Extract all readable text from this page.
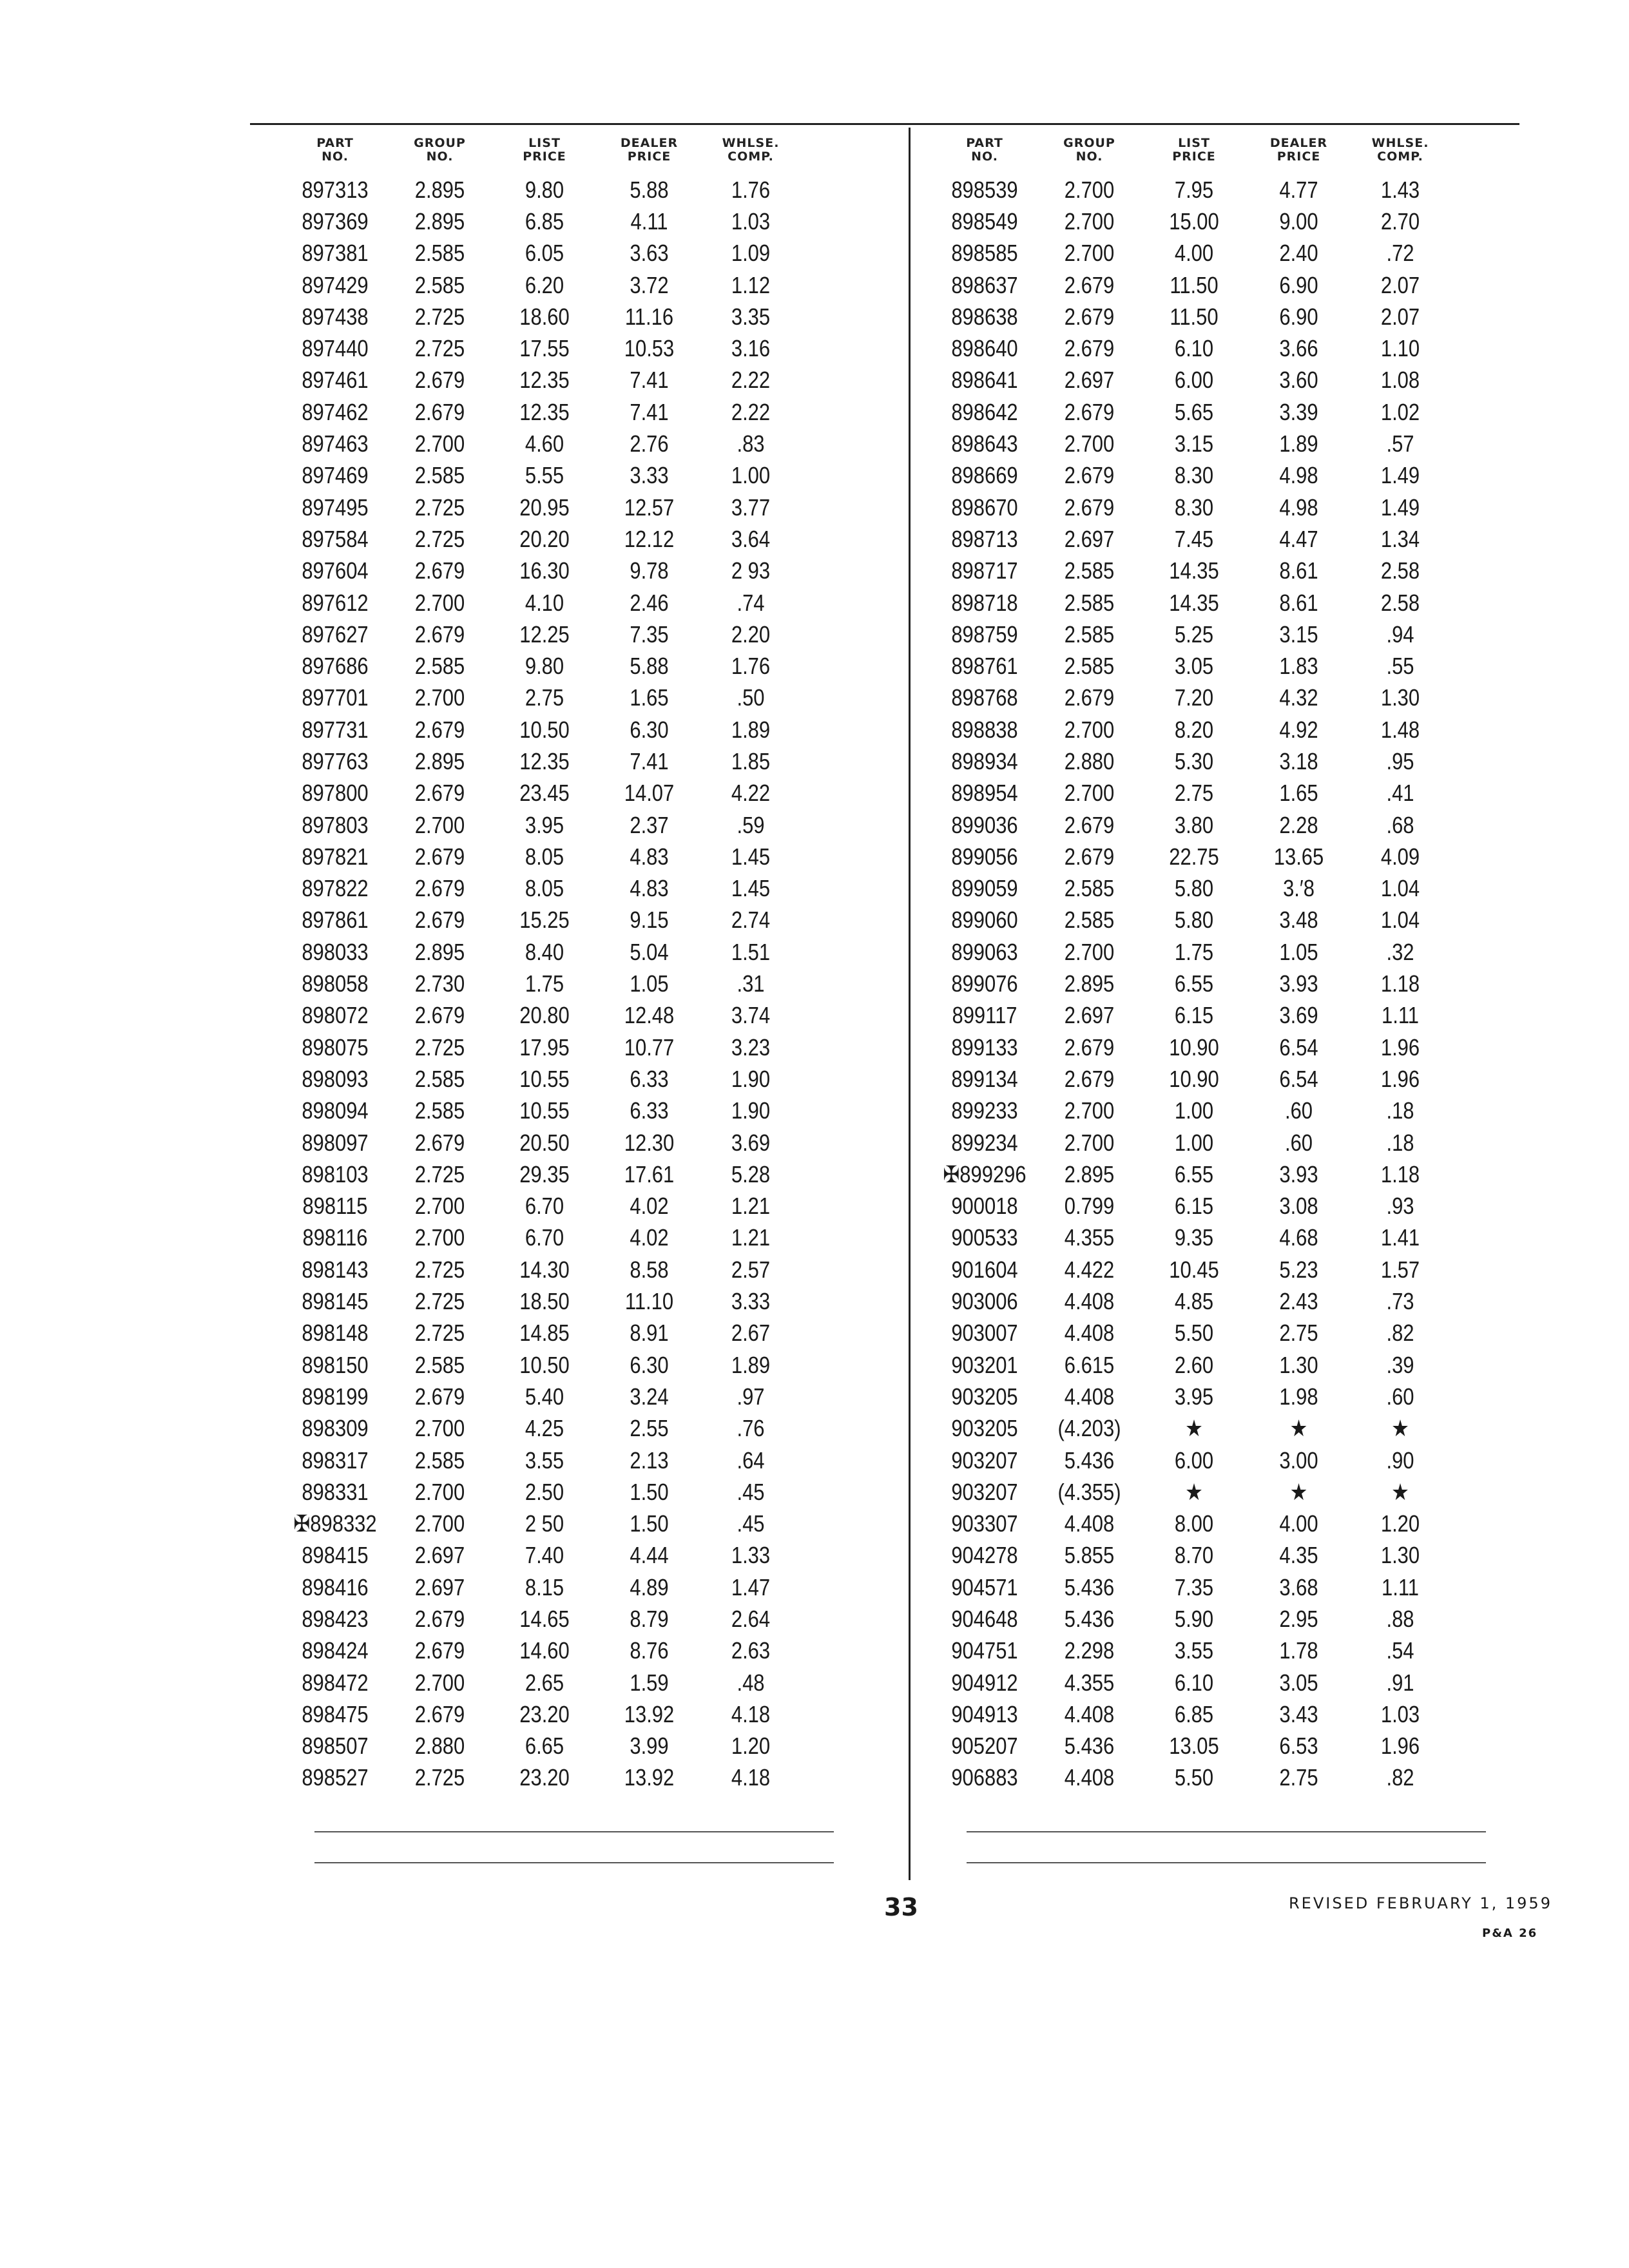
PART
NO.
GROUP
NO.
LIST
PRICE
DEALER
PRICE
WHLSE.
COMP.
897313	2.895	9.80	5.88	1.76
897369	2.895	6.85	4.11	1.03
897381	2.585	6.05	3.63	1.09
897429	2.585	6.20	3.72	1.12
897438	2.725	18.60	11.16	3.35
897440	2.725	17.55	10.53	3.16
897461	2.679	12.35	7.41	2.22
897462	2.679	12.35	7.41	2.22
897463	2.700	4.60	2.76	.83
897469	2.585	5.55	3.33	1.00
897495	2.725	20.95	12.57	3.77
897584	2.725	20.20	12.12	3.64
897604	2.679	16.30	9.78	2 93
897612	2.700	4.10	2.46	.74
897627	2.679	12.25	7.35	2.20
897686	2.585	9.80	5.88	1.76
897701	2.700	2.75	1.65	.50
897731	2.679	10.50	6.30	1.89
897763	2.895	12.35	7.41	1.85
897800	2.679	23.45	14.07	4.22
897803	2.700	3.95	2.37	.59
897821	2.679	8.05	4.83	1.45
897822	2.679	8.05	4.83	1.45
897861	2.679	15.25	9.15	2.74
898033	2.895	8.40	5.04	1.51
898058	2.730	1.75	1.05	.31
898072	2.679	20.80	12.48	3.74
898075	2.725	17.95	10.77	3.23
898093	2.585	10.55	6.33	1.90
898094	2.585	10.55	6.33	1.90
898097	2.679	20.50	12.30	3.69
898103	2.725	29.35	17.61	5.28
898115	2.700	6.70	4.02	1.21
898116	2.700	6.70	4.02	1.21
898143	2.725	14.30	8.58	2.57
898145	2.725	18.50	11.10	3.33
898148	2.725	14.85	8.91	2.67
898150	2.585	10.50	6.30	1.89
898199	2.679	5.40	3.24	.97
898309	2.700	4.25	2.55	.76
898317	2.585	3.55	2.13	.64
898331	2.700	2.50	1.50	.45
✠898332	2.700	2 50	1.50	.45
898415	2.697	7.40	4.44	1.33
898416	2.697	8.15	4.89	1.47
898423	2.679	14.65	8.79	2.64
898424	2.679	14.60	8.76	2.63
898472	2.700	2.65	1.59	.48
898475	2.679	23.20	13.92	4.18
898507	2.880	6.65	3.99	1.20
898527	2.725	23.20	13.92	4.18
PART
NO.
GROUP
NO.
LIST
PRICE
DEALER
PRICE
WHLSE.
COMP.
898539	2.700	7.95	4.77	1.43
898549	2.700	15.00	9.00	2.70
898585	2.700	4.00	2.40	.72
898637	2.679	11.50	6.90	2.07
898638	2.679	11.50	6.90	2.07
898640	2.679	6.10	3.66	1.10
898641	2.697	6.00	3.60	1.08
898642	2.679	5.65	3.39	1.02
898643	2.700	3.15	1.89	.57
898669	2.679	8.30	4.98	1.49
898670	2.679	8.30	4.98	1.49
898713	2.697	7.45	4.47	1.34
898717	2.585	14.35	8.61	2.58
898718	2.585	14.35	8.61	2.58
898759	2.585	5.25	3.15	.94
898761	2.585	3.05	1.83	.55
898768	2.679	7.20	4.32	1.30
898838	2.700	8.20	4.92	1.48
898934	2.880	5.30	3.18	.95
898954	2.700	2.75	1.65	.41
899036	2.679	3.80	2.28	.68
899056	2.679	22.75	13.65	4.09
899059	2.585	5.80	3.′8	1.04
899060	2.585	5.80	3.48	1.04
899063	2.700	1.75	1.05	.32
899076	2.895	6.55	3.93	1.18
899117	2.697	6.15	3.69	1.11
899133	2.679	10.90	6.54	1.96
899134	2.679	10.90	6.54	1.96
899233	2.700	1.00	.60	.18
899234	2.700	1.00	.60	.18
✠899296	2.895	6.55	3.93	1.18
900018	0.799	6.15	3.08	.93
900533	4.355	9.35	4.68	1.41
901604	4.422	10.45	5.23	1.57
903006	4.408	4.85	2.43	.73
903007	4.408	5.50	2.75	.82
903201	6.615	2.60	1.30	.39
903205	4.408	3.95	1.98	.60
903205	(4.203)	★	★	★
903207	5.436	6.00	3.00	.90
903207	(4.355)	★	★	★
903307	4.408	8.00	4.00	1.20
904278	5.855	8.70	4.35	1.30
904571	5.436	7.35	3.68	1.11
904648	5.436	5.90	2.95	.88
904751	2.298	3.55	1.78	.54
904912	4.355	6.10	3.05	.91
904913	4.408	6.85	3.43	1.03
905207	5.436	13.05	6.53	1.96
906883	4.408	5.50	2.75	.82
33	REVISED FEBRUARY 1, 1959
P&A 26
